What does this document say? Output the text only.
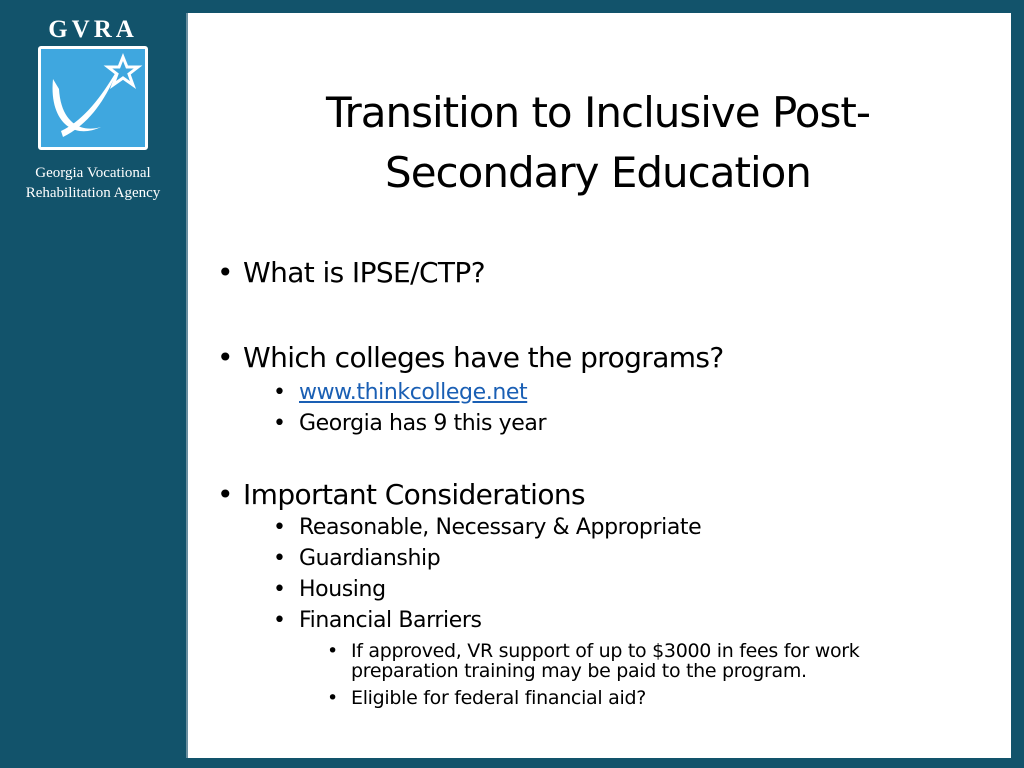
GVRA
Georgia Vocational
Rehabilitation Agency
Transition to Inclusive Post-
Secondary Education
• What is IPSE/CTP?
• Which colleges have the programs?
• www.thinkcollege.net
• Georgia has 9 this year
• Important Considerations
• Reasonable, Necessary & Appropriate
• Guardianship
• Housing
• Financial Barriers
• If approved, VR support of up to $3000 in fees for work preparation training may be paid to the program.
• Eligible for federal financial aid?
